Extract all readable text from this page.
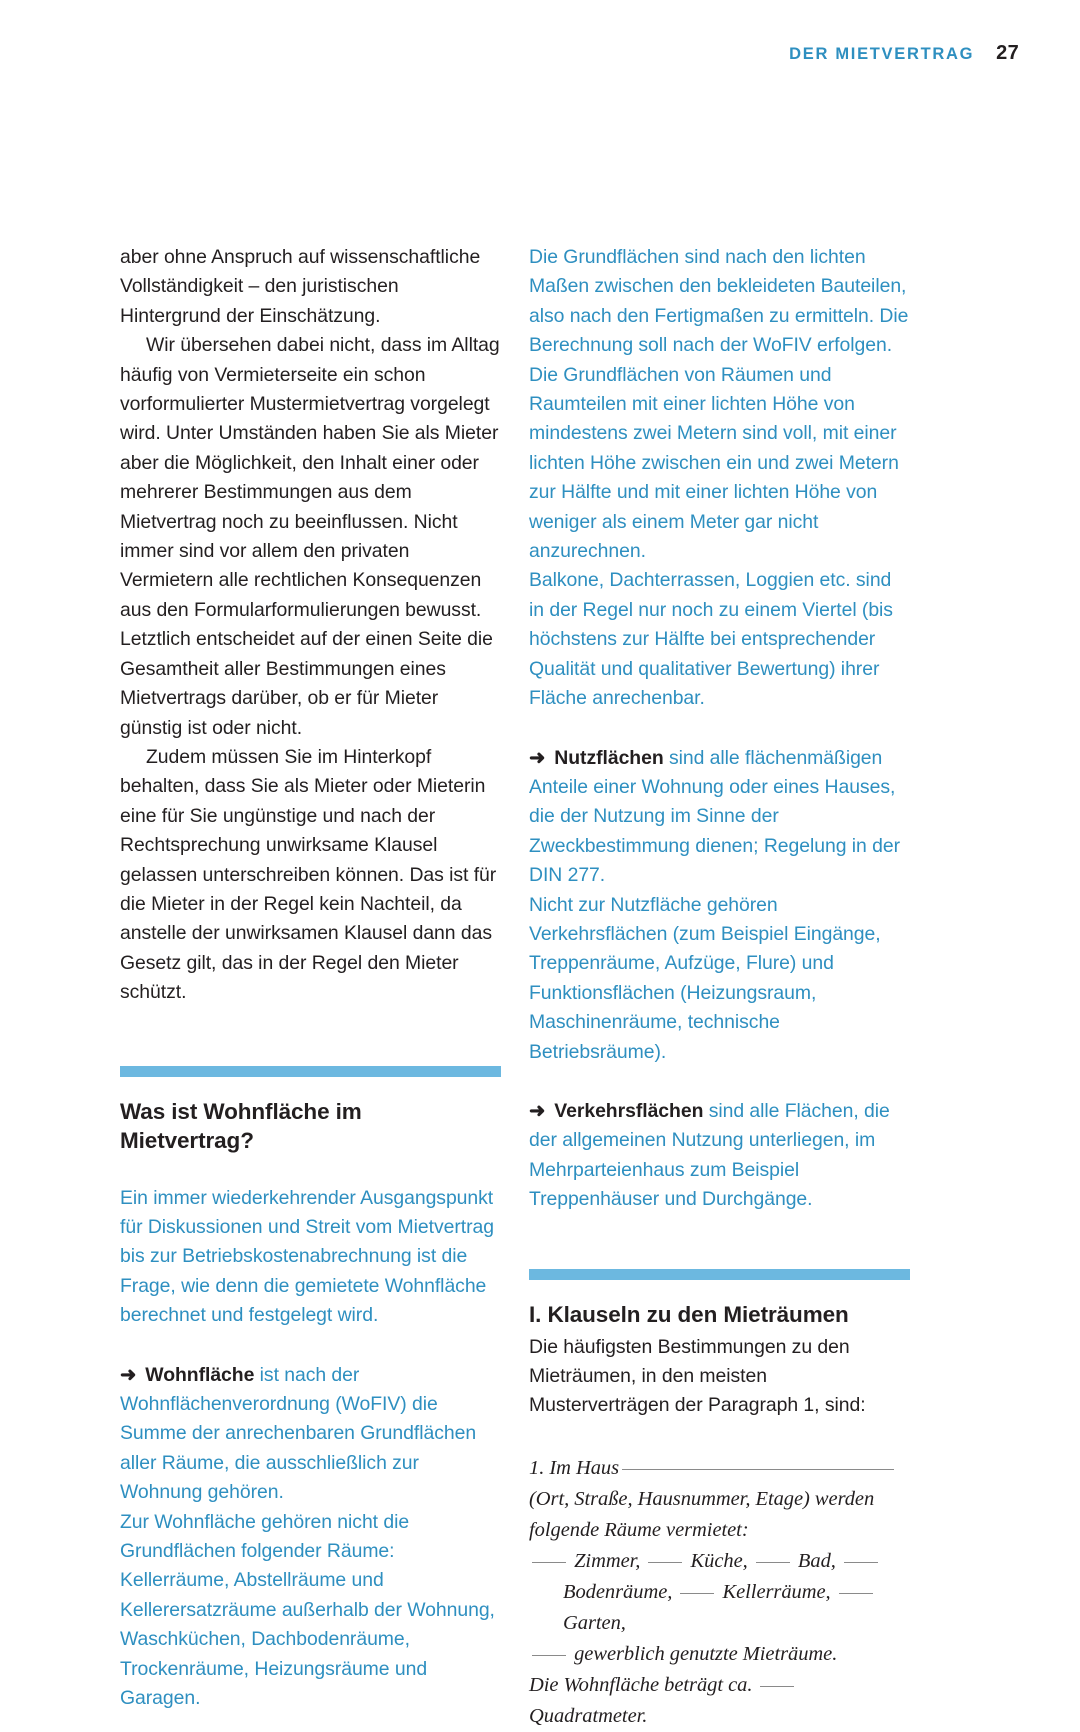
DER MIETVERTRAG 27

aber ohne Anspruch auf wissenschaftliche Vollständigkeit – den juristischen Hintergrund der Einschätzung.

Wir übersehen dabei nicht, dass im Alltag häufig von Vermieterseite ein schon vorformulierter Mustermietvertrag vorgelegt wird. Unter Umständen haben Sie als Mieter aber die Möglichkeit, den Inhalt einer oder mehrerer Bestimmungen aus dem Mietvertrag noch zu beeinflussen. Nicht immer sind vor allem den privaten Vermietern alle rechtlichen Konsequenzen aus den Formularformulierungen bewusst. Letztlich entscheidet auf der einen Seite die Gesamtheit aller Bestimmungen eines Mietvertrags darüber, ob er für Mieter günstig ist oder nicht.

Zudem müssen Sie im Hinterkopf behalten, dass Sie als Mieter oder Mieterin eine für Sie ungünstige und nach der Rechtsprechung unwirksame Klausel gelassen unterschreiben können. Das ist für die Mieter in der Regel kein Nachteil, da anstelle der unwirksamen Klausel dann das Gesetz gilt, das in der Regel den Mieter schützt.

Was ist Wohnfläche im Mietvertrag?

Ein immer wiederkehrender Ausgangspunkt für Diskussionen und Streit vom Mietvertrag bis zur Betriebskostenabrechnung ist die Frage, wie denn die gemietete Wohnfläche berechnet und festgelegt wird.

➜ Wohnfläche ist nach der Wohnflächenverordnung (WoFIV) die Summe der anrechenbaren Grundflächen aller Räume, die ausschließlich zur Wohnung gehören.

Zur Wohnfläche gehören nicht die Grundflächen folgender Räume: Kellerräume, Abstellräume und Kellerersatzräume außerhalb der Wohnung, Waschküchen, Dachbodenräume, Trockenräume, Heizungsräume und Garagen.

Die Grundflächen sind nach den lichten Maßen zwischen den bekleideten Bauteilen, also nach den Fertigmaßen zu ermitteln. Die Berechnung soll nach der WoFIV erfolgen.

Die Grundflächen von Räumen und Raumteilen mit einer lichten Höhe von mindestens zwei Metern sind voll, mit einer lichten Höhe zwischen ein und zwei Metern zur Hälfte und mit einer lichten Höhe von weniger als einem Meter gar nicht anzurechnen.

Balkone, Dachterrassen, Loggien etc. sind in der Regel nur noch zu einem Viertel (bis höchstens zur Hälfte bei entsprechender Qualität und qualitativer Bewertung) ihrer Fläche anrechenbar.

➜ Nutzflächen sind alle flächenmäßigen Anteile einer Wohnung oder eines Hauses, die der Nutzung im Sinne der Zweckbestimmung dienen; Regelung in der DIN 277.

Nicht zur Nutzfläche gehören Verkehrsflächen (zum Beispiel Eingänge, Treppenräume, Aufzüge, Flure) und Funktionsflächen (Heizungsraum, Maschinenräume, technische Betriebsräume).

➜ Verkehrsflächen sind alle Flächen, die der allgemeinen Nutzung unterliegen, im Mehrparteienhaus zum Beispiel Treppenhäuser und Durchgänge.

I. Klauseln zu den Mieträumen

Die häufigsten Bestimmungen zu den Mieträumen, in den meisten Musterverträgen der Paragraph 1, sind:

1. Im Haus

(Ort, Straße, Hausnummer, Etage) werden folgende Räume vermietet:

Zimmer, Küche, Bad,  Bodenräume, Kellerräume,  Garten,

gewerblich genutzte Mieträume.

Die Wohnfläche beträgt ca.  Quadratmeter.
